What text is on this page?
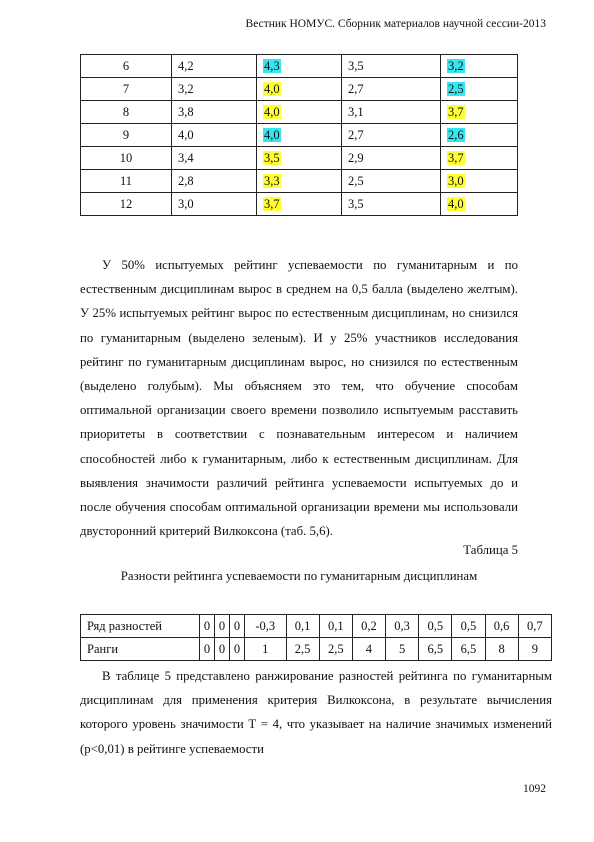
Вестник НОМУС. Сборник материалов научной сессии-2013
6	4,2	4,3	3,5	3,2
7	3,2	4,0	2,7	2,5
8	3,8	4,0	3,1	3,7
9	4,0	4,0	2,7	2,6
10	3,4	3,5	2,9	3,7
11	2,8	3,3	2,5	3,0
12	3,0	3,7	3,5	4,0

У 50% испытуемых рейтинг успеваемости по гуманитарным и по естественным дисциплинам вырос в среднем на 0,5 балла (выделено желтым). У 25% испытуемых рейтинг вырос по естественным дисциплинам, но снизился по гуманитарным (выделено зеленым). И у 25% участников исследования рейтинг по гуманитарным дисциплинам вырос, но снизился по естественным (выделено голубым). Мы объясняем это тем, что обучение способам оптимальной организации своего времени позволило испытуемым расставить приоритеты в соответствии с познавательным интересом и наличием способностей либо к гуманитарным, либо к естественным дисциплинам. Для выявления значимости различий рейтинга успеваемости испытуемых до и после обучения способам оптимальной организации времени мы использовали двусторонний критерий Вилкоксона (таб. 5,6).

Таблица 5
Разности рейтинга успеваемости по гуманитарным дисциплинам
Ряд разностей	0	0	0	-0,3	0,1	0,1	0,2	0,3	0,5	0,5	0,6	0,7
Ранги	0	0	0	1	2,5	2,5	4	5	6,5	6,5	8	9

В таблице 5 представлено ранжирование разностей рейтинга по гуманитарным дисциплинам для применения критерия Вилкоксона, в результате вычисления которого уровень значимости Т = 4, что указывает на наличие значимых изменений (p<0,01) в рейтинге успеваемости

1092
